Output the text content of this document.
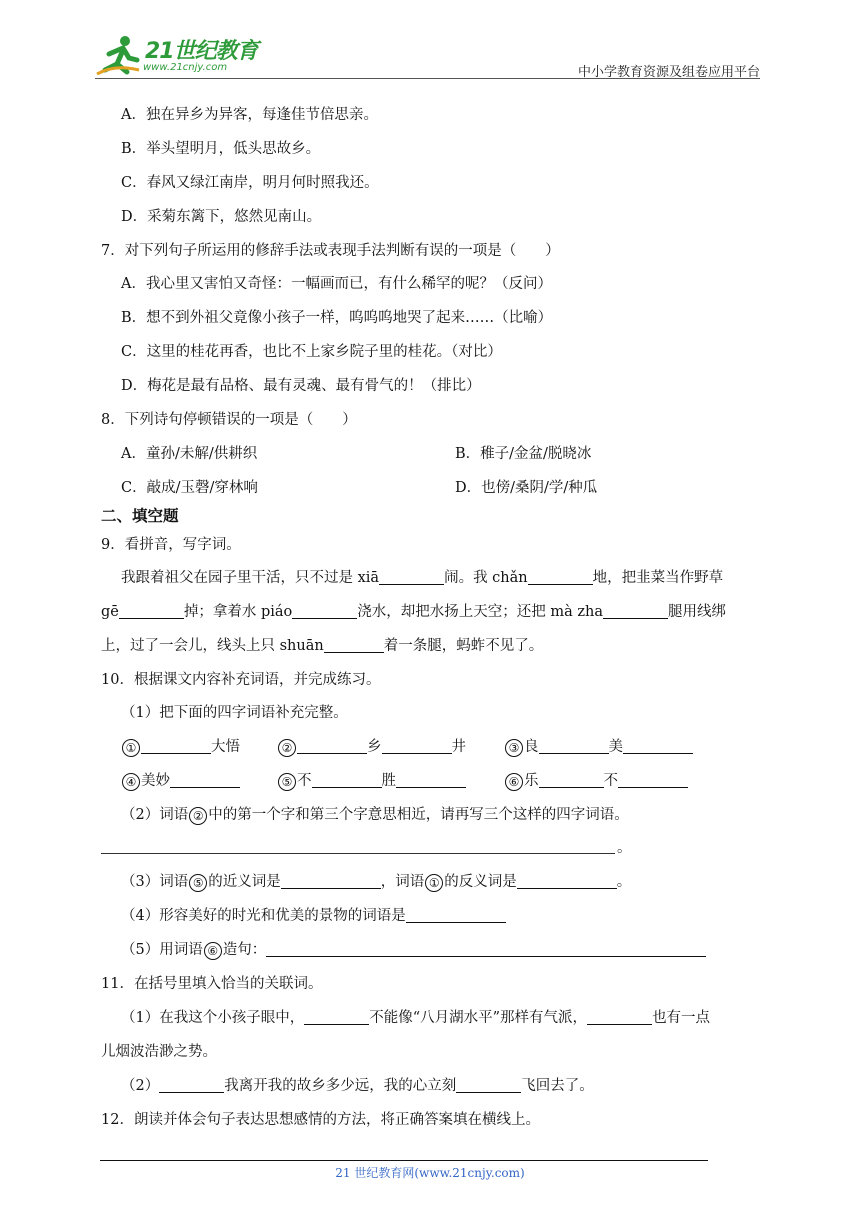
21世纪教育
www.21cnjy.com	中小学教育资源及组卷应用平台
A．独在异乡为异客，每逢佳节倍思亲。
B．举头望明月，低头思故乡。
C．春风又绿江南岸，明月何时照我还。
D．采菊东篱下，悠然见南山。
7．对下列句子所运用的修辞手法或表现手法判断有误的一项是（　　）
A．我心里又害怕又奇怪：一幅画而已，有什么稀罕的呢？（反问）
B．想不到外祖父竟像小孩子一样，呜呜呜地哭了起来……（比喻）
C．这里的桂花再香，也比不上家乡院子里的桂花。（对比）
D．梅花是最有品格、最有灵魂、最有骨气的！（排比）
8．下列诗句停顿错误的一项是（　　）
A．童孙/未解/供耕织	B．稚子/金盆/脱晓冰
C．敲成/玉磬/穿林响	D．也傍/桑阴/学/种瓜
二、填空题
9．看拼音，写字词。
我跟着祖父在园子里干活，只不过是 xiā	闹。我 chǎn	地，把韭菜当作野草
gē	掉；拿着水 piáo	浇水，却把水扬上天空；还把 mà zha	腿用线绑
上，过了一会儿，线头上只 shuān	着一条腿，蚂蚱不见了。
10．根据课文内容补充词语，并完成练习。
（1）把下面的四字词语补充完整。
①	大悟	②	乡	井	③ 良	美
④ 美妙	⑤ 不	胜	⑥ 乐	不
（2）词语 ② 中的第一个字和第三个字意思相近，请再写三个这样的四字词语。
。
（3）词语 ⑤ 的近义词是	，词语 ① 的反义词是	。
（4）形容美好的时光和优美的景物的词语是
（5）用词语 ⑥ 造句：
11．在括号里填入恰当的关联词。
（1）在我这个小孩子眼中，	不能像“八月湖水平”那样有气派，	也有一点
儿烟波浩渺之势。
（2）	我离开我的故乡多少远，我的心立刻	飞回去了。
12．朗读并体会句子表达思想感情的方法，将正确答案填在横线上。
21 世纪教育网(www.21cnjy.com)
